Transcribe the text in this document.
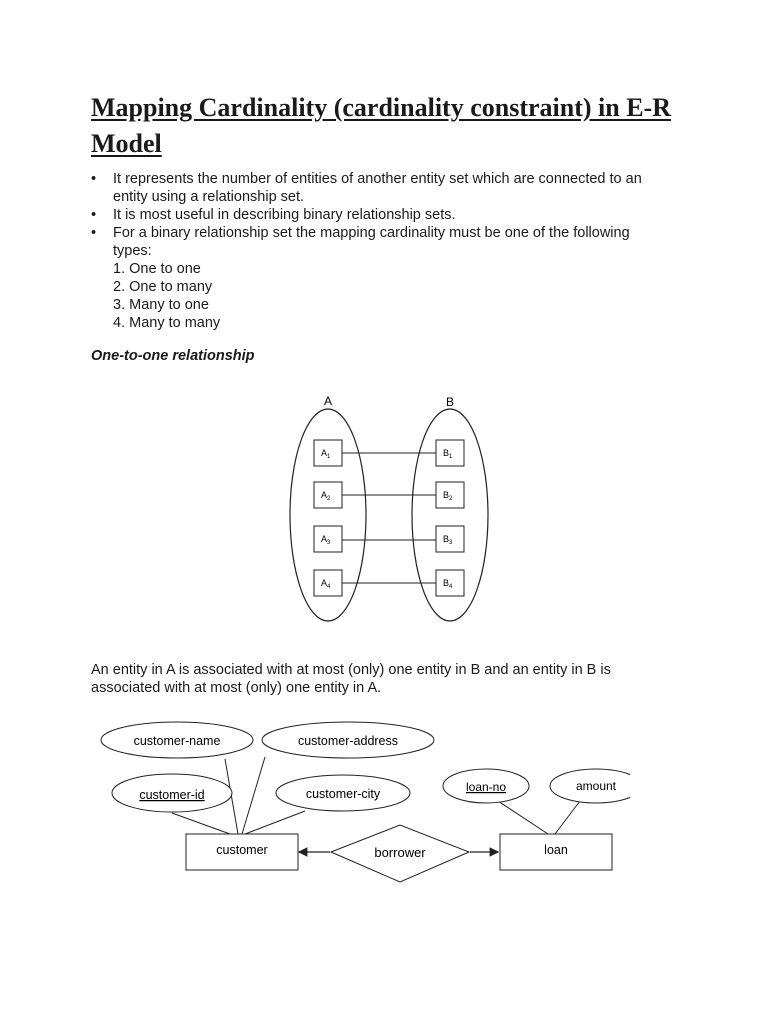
Mapping Cardinality (cardinality constraint) in E-R Model
• It represents the number of entities of another entity set which are connected to an entity using a relationship set.
• It is most useful in describing binary relationship sets.
• For a binary relationship set the mapping cardinality must be one of the following types:
1. One to one
2. One to many
3. Many to one
4. Many to many

One-to-one relationship

A	B
$A_1$
$A_2$
$A_3$
$A_4$
$B_1$
$B_2$
$B_3$
$B_4$

An entity in A is associated with at most (only) one entity in B and an entity in B is associated with at most (only) one entity in A.

customer-name	customer-address
customer-id	customer-city	loan-no	amount
customer	loan
borrower
